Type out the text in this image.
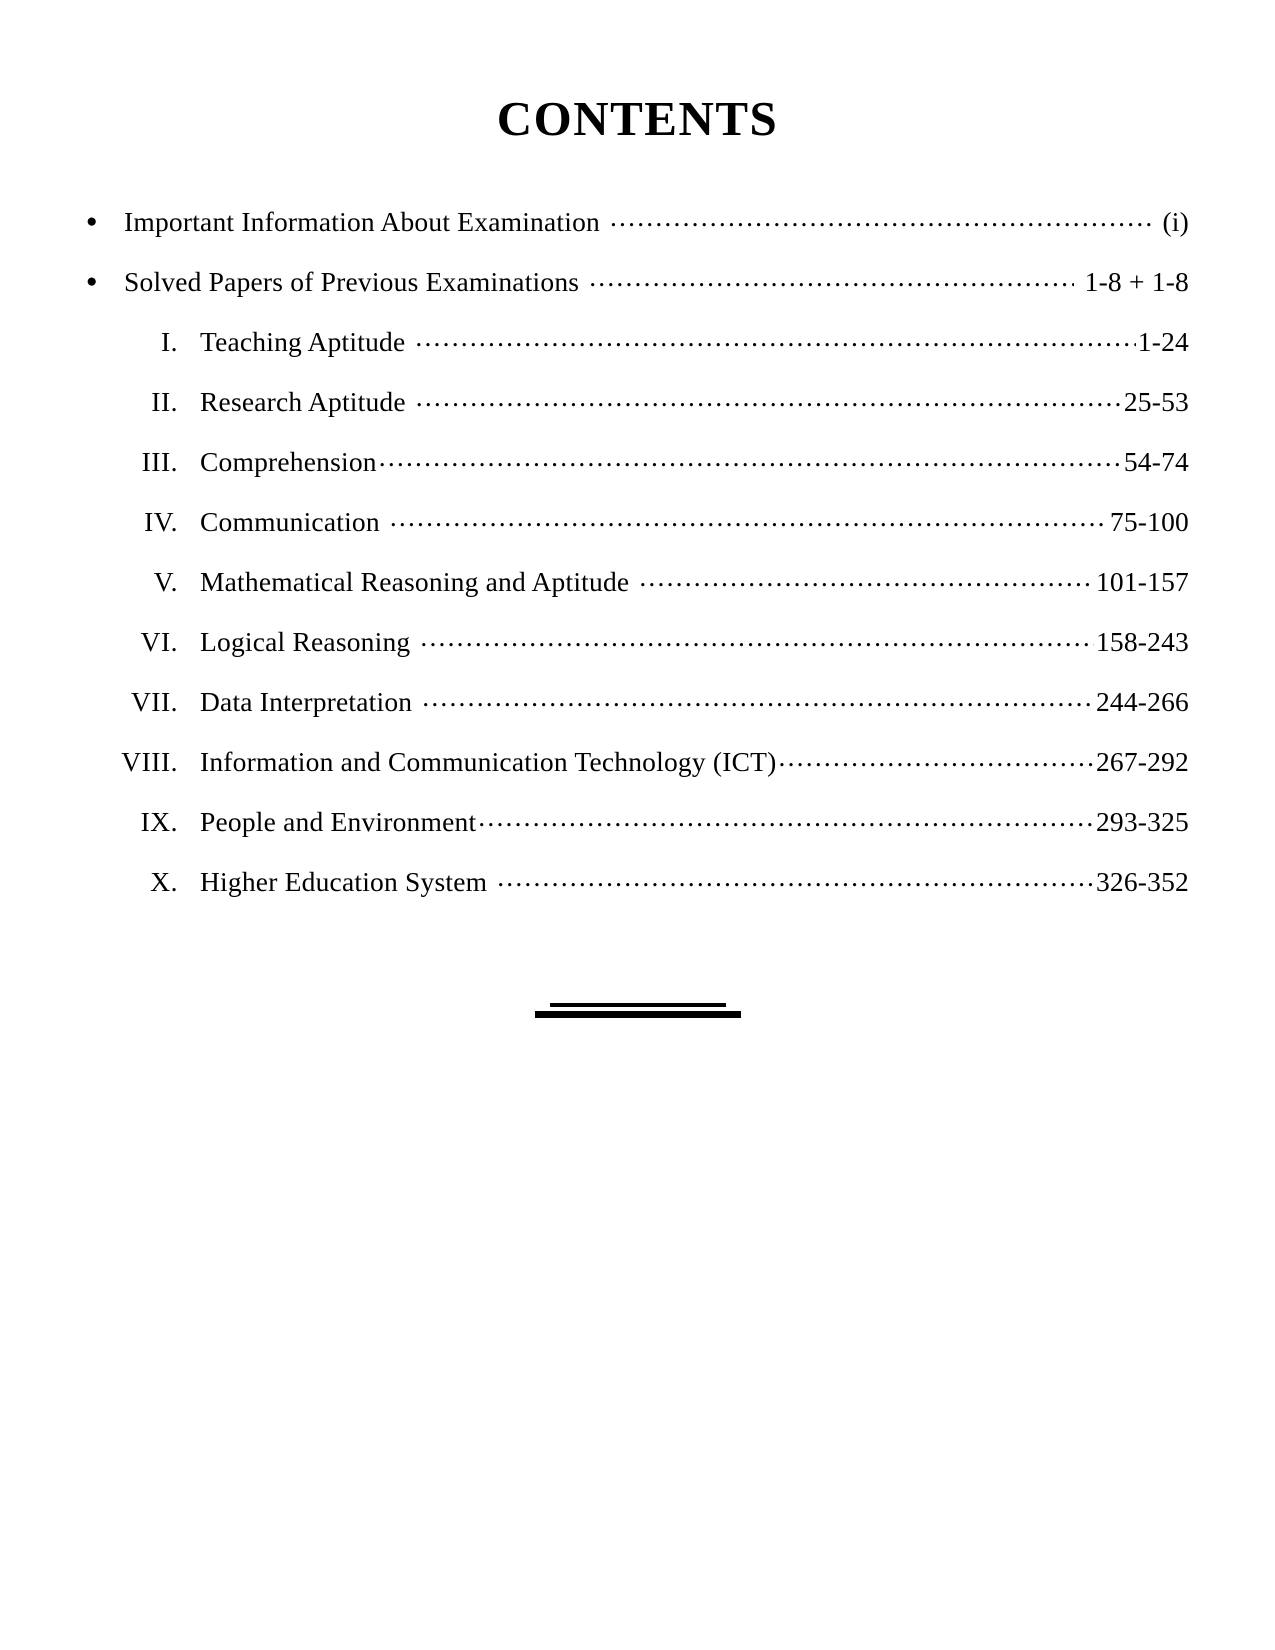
CONTENTS
● Important Information About Examination .....	(i)
● Solved Papers of Previous Examinations .....	1-8 + 1-8
I. Teaching Aptitude .....	1-24
II. Research Aptitude .....	25-53
III. Comprehension .....	54-74
IV. Communication .....	75-100
V. Mathematical Reasoning and Aptitude .....	101-157
VI. Logical Reasoning .....	158-243
VII. Data Interpretation .....	244-266
VIII. Information and Communication Technology (ICT) .....	267-292
IX. People and Environment .....	293-325
X. Higher Education System .....	326-352
